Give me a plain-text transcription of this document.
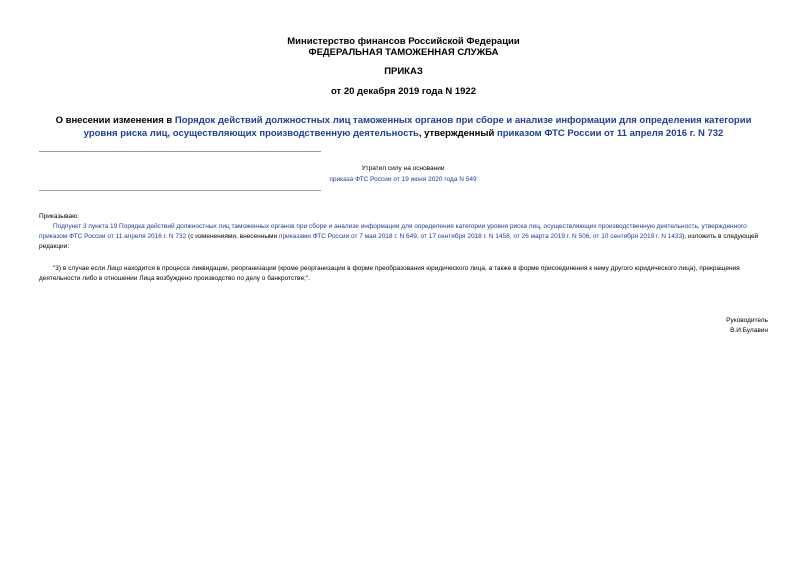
Министерство финансов Российской Федерации
ФЕДЕРАЛЬНАЯ ТАМОЖЕННАЯ СЛУЖБА
ПРИКАЗ
от 20 декабря 2019 года N 1922
О внесении изменения в Порядок действий должностных лиц таможенных органов при сборе и анализе информации для определения категории уровня риска лиц, осуществляющих производственную деятельность, утвержденный приказом ФТС России от 11 апреля 2016 г. N 732
Утратил силу на основании
приказа ФТС России от 19 июня 2020 года N 549
Приказываю:
Подпункт 3 пункта 19 Порядка действий должностных лиц таможенных органов при сборе и анализе информации для определения категории уровня риска лиц, осуществляющих производственную деятельность, утвержденного приказом ФТС России от 11 апреля 2016 г. N 732 (с изменениями, внесенными приказами ФТС России от 7 мая 2018 г. N 649, от 17 сентября 2018 г. N 1458, от 26 марта 2019 г. N 506, от 10 сентября 2019 г. N 1433), изложить в следующей редакции:
"3) в случае если Лицо находится в процессе ликвидации, реорганизации (кроме реорганизации в форме преобразования юридического лица, а также в форме присоединения к нему другого юридического лица), прекращения деятельности либо в отношении Лица возбуждено производство по делу о банкротстве;".
Руководитель
В.И.Булавин
